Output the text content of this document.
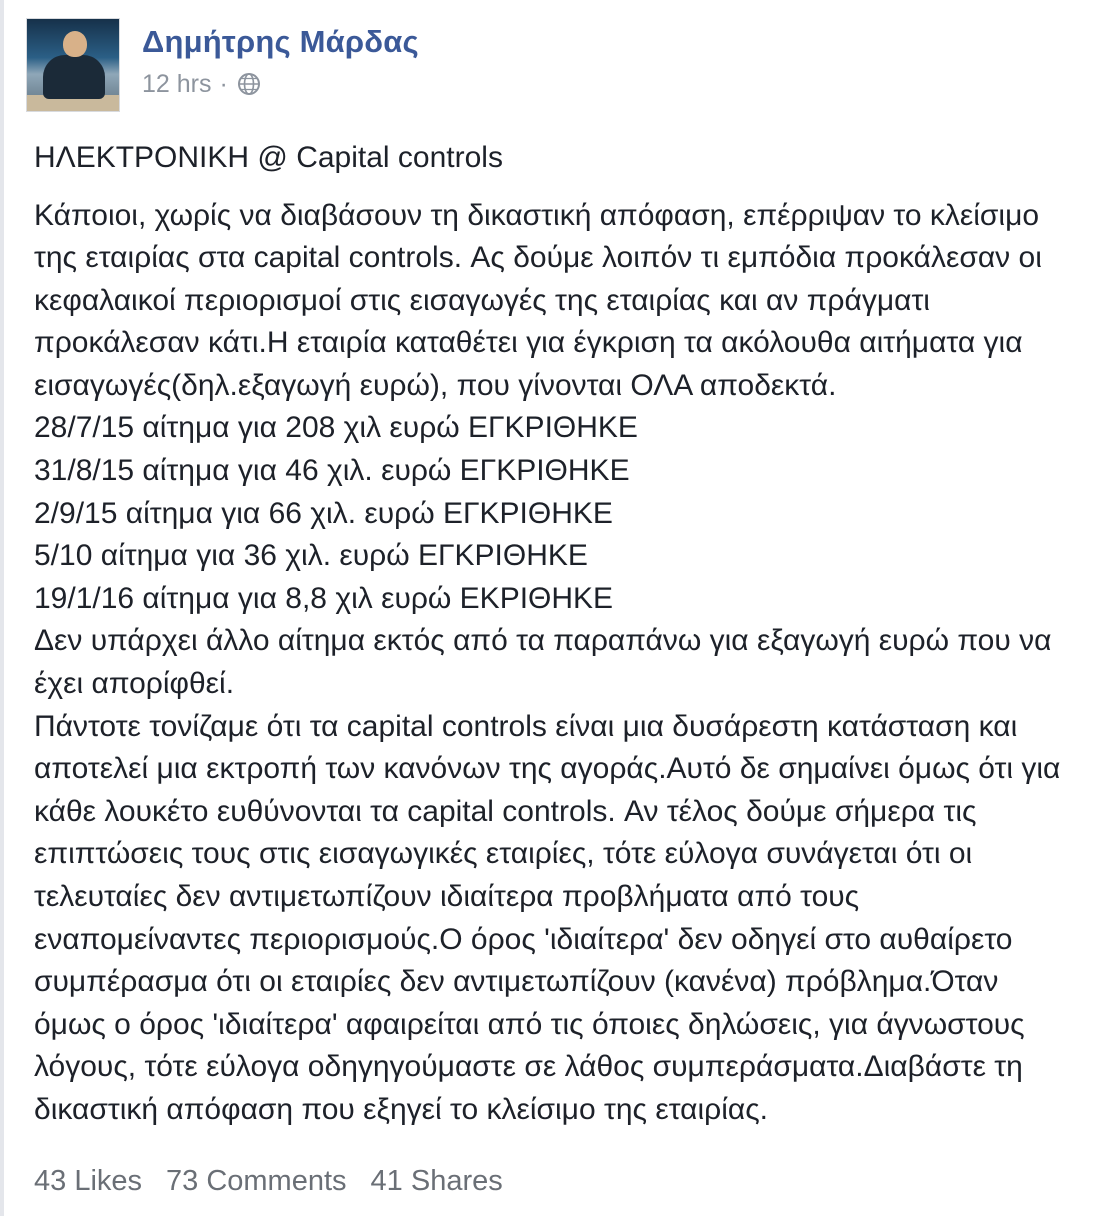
Δημήτρης Μάρδας
12 hrs ·
ΗΛΕΚΤΡΟΝΙΚΗ @ Capital controls

Κάποιοι, χωρίς να διαβάσουν τη δικαστική απόφαση, επέρριψαν το κλείσιμο της εταιρίας στα capital controls. Ας δούμε λοιπόν τι εμπόδια προκάλεσαν οι κεφαλαικοί περιορισμοί στις εισαγωγές της εταιρίας και αν πράγματι προκάλεσαν κάτι.Η εταιρία καταθέτει για έγκριση τα ακόλουθα αιτήματα για εισαγωγές(δηλ.εξαγωγή ευρώ), που γίνονται ΟΛΑ αποδεκτά.

28/7/15 αίτημα για 208 χιλ ευρώ ΕΓΚΡΙΘΗΚΕ

31/8/15 αίτημα για 46 χιλ. ευρώ ΕΓΚΡΙΘΗΚΕ

2/9/15 αίτημα για 66 χιλ. ευρώ ΕΓΚΡΙΘΗΚΕ

5/10 αίτημα για 36 χιλ. ευρώ ΕΓΚΡΙΘΗΚΕ

19/1/16 αίτημα για 8,8 χιλ ευρώ ΕΚΡΙΘΗΚΕ

Δεν υπάρχει άλλο αίτημα εκτός από τα παραπάνω για εξαγωγή ευρώ που να έχει απορίφθεί.

Πάντοτε τονίζαμε ότι τα capital controls είναι μια δυσάρεστη κατάσταση και αποτελεί μια εκτροπή των κανόνων της αγοράς.Αυτό δε σημαίνει όμως ότι για κάθε λουκέτο ευθύνονται τα capital controls. Αν τέλος δούμε σήμερα τις επιπτώσεις τους στις εισαγωγικές εταιρίες, τότε εύλογα συνάγεται ότι οι τελευταίες δεν αντιμετωπίζουν ιδιαίτερα προβλήματα από τους εναπομείναντες περιορισμούς.Ο όρος 'ιδιαίτερα' δεν οδηγεί στο αυθαίρετο συμπέρασμα ότι οι εταιρίες δεν αντιμετωπίζουν (κανένα) πρόβλημα.Όταν όμως ο όρος 'ιδιαίτερα' αφαιρείται από τις όποιες δηλώσεις, για άγνωστους λόγους, τότε εύλογα οδηγηγούμαστε σε λάθος συμπεράσματα.Διαβάστε τη δικαστική απόφαση που εξηγεί το κλείσιμο της εταιρίας.

43 Likes 73 Comments 41 Shares
